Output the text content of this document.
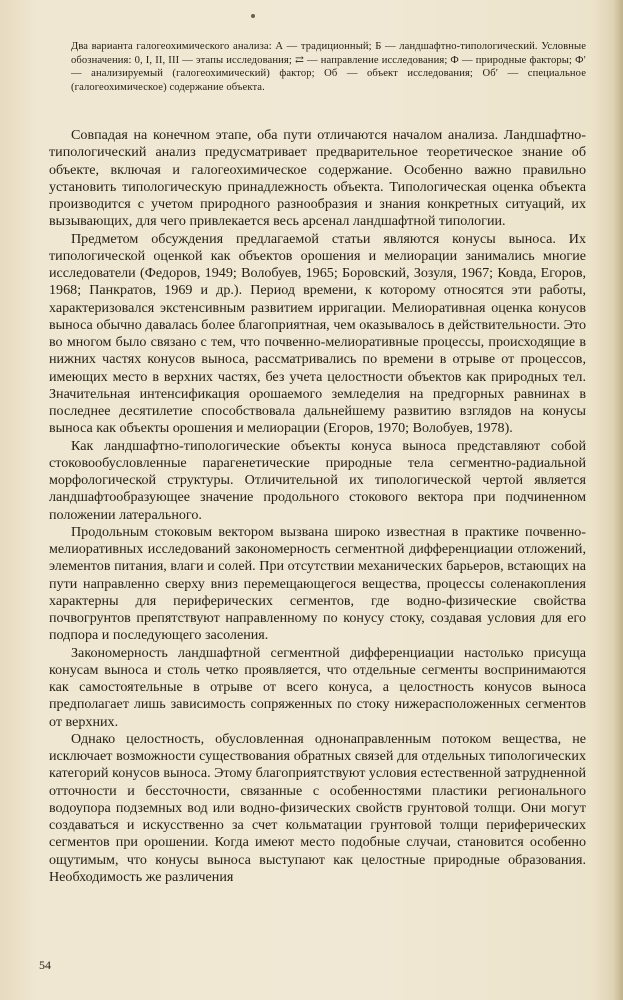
Два варианта галогеохимического анализа: А — традиционный; Б — ландшафтно-типологический. Условные обозначения: 0, I, II, III — этапы исследования; ⇄ — направление исследования; Ф — природные факторы; Ф′ — анализируемый (галогеохимический) фактор; Об — объект исследования; Об′ — специальное (галогеохимическое) содержание объекта.

Совпадая на конечном этапе, оба пути отличаются началом анализа. Ландшафтно-типологический анализ предусматривает предварительное теоретическое знание об объекте, включая и галогеохимическое содержание. Особенно важно правильно установить типологическую принадлежность объекта. Типологическая оценка объекта производится с учетом природного разнообразия и знания конкретных ситуаций, их вызывающих, для чего привлекается весь арсенал ландшафтной типологии.

Предметом обсуждения предлагаемой статьи являются конусы выноса. Их типологической оценкой как объектов орошения и мелиорации занимались многие исследователи (Федоров, 1949; Волобуев, 1965; Боровский, Зозуля, 1967; Ковда, Егоров, 1968; Панкратов, 1969 и др.). Период времени, к которому относятся эти работы, характеризовался экстенсивным развитием ирригации. Мелиоративная оценка конусов выноса обычно давалась более благоприятная, чем оказывалось в действительности. Это во многом было связано с тем, что почвенно-мелиоративные процессы, происходящие в нижних частях конусов выноса, рассматривались по времени в отрыве от процессов, имеющих место в верхних частях, без учета целостности объектов как природных тел. Значительная интенсификация орошаемого земледелия на предгорных равнинах в последнее десятилетие способствовала дальнейшему развитию взглядов на конусы выноса как объекты орошения и мелиорации (Егоров, 1970; Волобуев, 1978).

Как ландшафтно-типологические объекты конуса выноса представляют собой стоковообусловленные парагенетические природные тела сегментно-радиальной морфологической структуры. Отличительной их типологической чертой является ландшафтообразующее значение продольного стокового вектора при подчиненном положении латерального.

Продольным стоковым вектором вызвана широко известная в практике почвенно-мелиоративных исследований закономерность сегментной дифференциации отложений, элементов питания, влаги и солей. При отсутствии механических барьеров, встающих на пути направленно сверху вниз перемещающегося вещества, процессы соленакопления характерны для периферических сегментов, где водно-физические свойства почвогрунтов препятствуют направленному по конусу стоку, создавая условия для его подпора и последующего засоления.

Закономерность ландшафтной сегментной дифференциации настолько присуща конусам выноса и столь четко проявляется, что отдельные сегменты воспринимаются как самостоятельные в отрыве от всего конуса, а целостность конусов выноса предполагает лишь зависимость сопряженных по стоку нижерасположенных сегментов от верхних.

Однако целостность, обусловленная однонаправленным потоком вещества, не исключает возможности существования обратных связей для отдельных типологических категорий конусов выноса. Этому благоприятствуют условия естественной затрудненной отточности и бессточности, связанные с особенностями пластики регионального водоупора подземных вод или водно-физических свойств грунтовой толщи. Они могут создаваться и искусственно за счет кольматации грунтовой толщи периферических сегментов при орошении. Когда имеют место подобные случаи, становится особенно ощутимым, что конусы выноса выступают как целостные природные образования. Необходимость же различения

54
